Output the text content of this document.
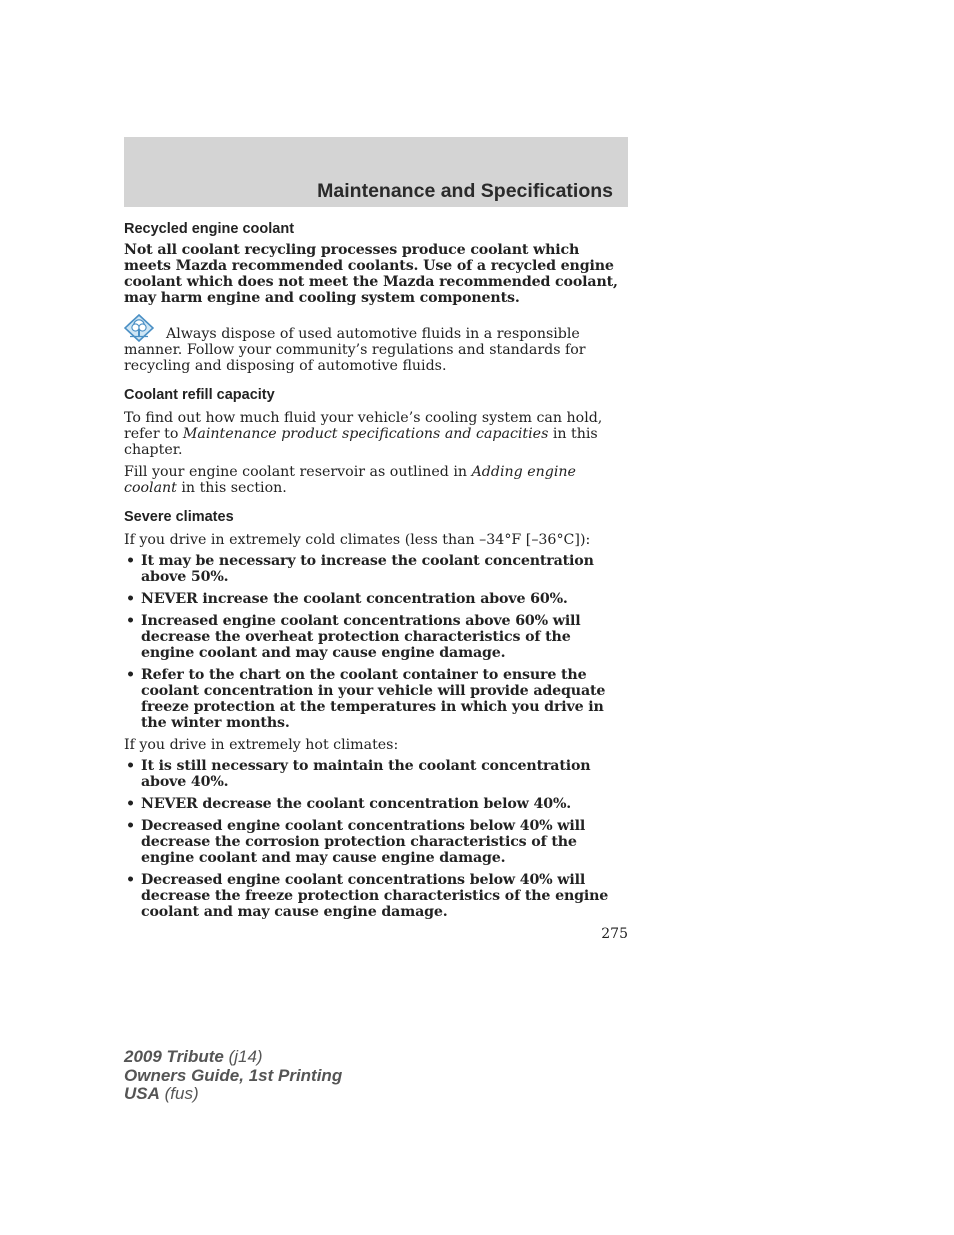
Maintenance and Specifications
Recycled engine coolant

Not all coolant recycling processes produce coolant which meets Mazda recommended coolants. Use of a recycled engine coolant which does not meet the Mazda recommended coolant, may harm engine and cooling system components.

Always dispose of used automotive fluids in a responsible manner. Follow your community’s regulations and standards for recycling and disposing of automotive fluids.

Coolant refill capacity

To find out how much fluid your vehicle’s cooling system can hold, refer to Maintenance product specifications and capacities in this chapter.

Fill your engine coolant reservoir as outlined in Adding engine coolant in this section.

Severe climates

If you drive in extremely cold climates (less than –34°F [–36°C]):

• It may be necessary to increase the coolant concentration above 50%.
• NEVER increase the coolant concentration above 60%.
• Increased engine coolant concentrations above 60% will decrease the overheat protection characteristics of the engine coolant and may cause engine damage.
• Refer to the chart on the coolant container to ensure the coolant concentration in your vehicle will provide adequate freeze protection at the temperatures in which you drive in the winter months.

If you drive in extremely hot climates:

• It is still necessary to maintain the coolant concentration above 40%.
• NEVER decrease the coolant concentration below 40%.
• Decreased engine coolant concentrations below 40% will decrease the corrosion protection characteristics of the engine coolant and may cause engine damage.
• Decreased engine coolant concentrations below 40% will decrease the freeze protection characteristics of the engine coolant and may cause engine damage.
275
2009 Tribute (j14)
Owners Guide, 1st Printing
USA (fus)
